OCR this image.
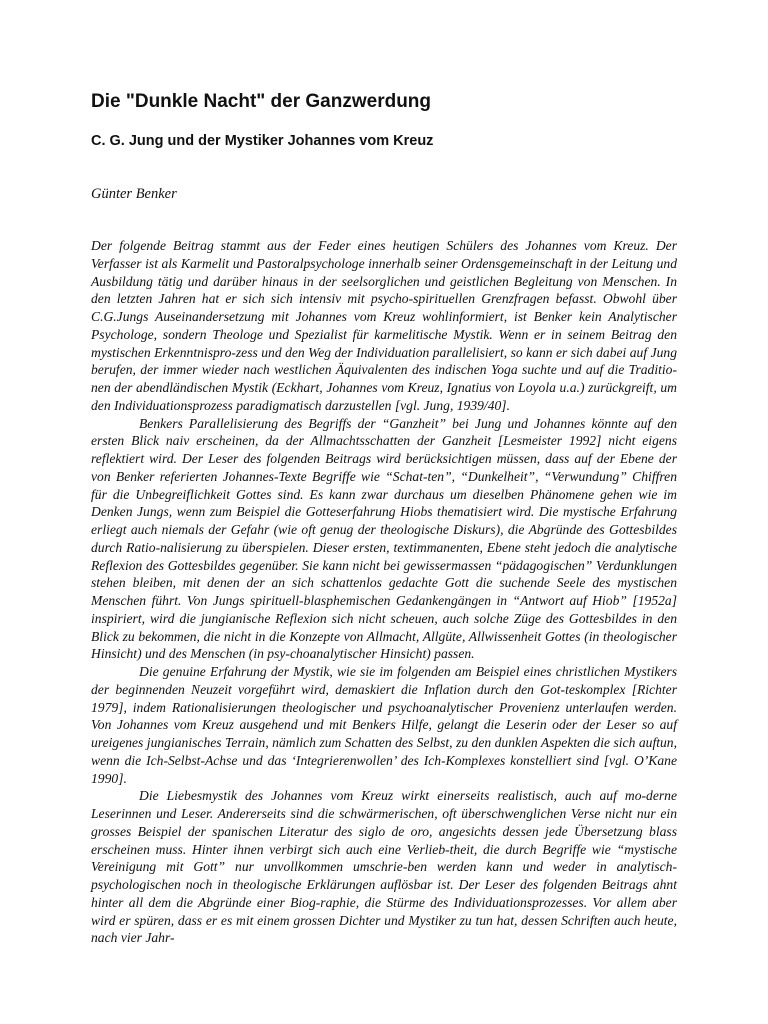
Die "Dunkle Nacht" der Ganzwerdung
C. G. Jung und der Mystiker Johannes vom Kreuz
Günter Benker

Der folgende Beitrag stammt aus der Feder eines heutigen Schülers des Johannes vom Kreuz. Der Verfasser ist als Karmelit und Pastoralpsychologe innerhalb seiner Ordensgemeinschaft in der Leitung und Ausbildung tätig und darüber hinaus in der seelsorglichen und geistlichen Begleitung von Menschen. In den letzten Jahren hat er sich sich intensiv mit psycho-spirituellen Grenzfragen befasst. Obwohl über C.G.Jungs Auseinandersetzung mit Johannes vom Kreuz wohlinformiert, ist Benker kein Analytischer Psychologe, sondern Theologe und Spezialist für karmelitische Mystik. Wenn er in seinem Beitrag den mystischen Erkenntnispro-zess und den Weg der Individuation parallelisiert, so kann er sich dabei auf Jung berufen, der immer wieder nach westlichen Äquivalenten des indischen Yoga suchte und auf die Traditio-nen der abendländischen Mystik (Eckhart, Johannes vom Kreuz, Ignatius von Loyola u.a.) zurückgreift, um den Individuationsprozess paradigmatisch darzustellen [vgl. Jung, 1939/40].

Benkers Parallelisierung des Begriffs der “Ganzheit” bei Jung und Johannes könnte auf den ersten Blick naiv erscheinen, da der Allmachtsschatten der Ganzheit [Lesmeister 1992] nicht eigens reflektiert wird. Der Leser des folgenden Beitrags wird berücksichtigen müssen, dass auf der Ebene der von Benker referierten Johannes-Texte Begriffe wie “Schat-ten”, “Dunkelheit”, “Verwundung” Chiffren für die Unbegreiflichkeit Gottes sind. Es kann zwar durchaus um dieselben Phänomene gehen wie im Denken Jungs, wenn zum Beispiel die Gotteserfahrung Hiobs thematisiert wird. Die mystische Erfahrung erliegt auch niemals der Gefahr (wie oft genug der theologische Diskurs), die Abgründe des Gottesbildes durch Ratio-nalisierung zu überspielen. Dieser ersten, textimmanenten, Ebene steht jedoch die analytische Reflexion des Gottesbildes gegenüber. Sie kann nicht bei gewissermassen “pädagogischen” Verdunklungen stehen bleiben, mit denen der an sich schattenlos gedachte Gott die suchende Seele des mystischen Menschen führt. Von Jungs spirituell-blasphemischen Gedankengängen in “Antwort auf Hiob” [1952a] inspiriert, wird die jungianische Reflexion sich nicht scheuen, auch solche Züge des Gottesbildes in den Blick zu bekommen, die nicht in die Konzepte von Allmacht, Allgüte, Allwissenheit Gottes (in theologischer Hinsicht) und des Menschen (in psy-choanalytischer Hinsicht) passen.

Die genuine Erfahrung der Mystik, wie sie im folgenden am Beispiel eines christlichen Mystikers der beginnenden Neuzeit vorgeführt wird, demaskiert die Inflation durch den Got-teskomplex [Richter 1979], indem Rationalisierungen theologischer und psychoanalytischer Provenienz unterlaufen werden. Von Johannes vom Kreuz ausgehend und mit Benkers Hilfe, gelangt die Leserin oder der Leser so auf ureigenes jungianisches Terrain, nämlich zum Schatten des Selbst, zu den dunklen Aspekten die sich auftun, wenn die Ich-Selbst-Achse und das ‘Integrierenwollen’ des Ich-Komplexes konstelliert sind [vgl. O’Kane 1990].

Die Liebesmystik des Johannes vom Kreuz wirkt einerseits realistisch, auch auf mo-derne Leserinnen und Leser. Andererseits sind die schwärmerischen, oft überschwenglichen Verse nicht nur ein grosses Beispiel der spanischen Literatur des siglo de oro, angesichts dessen jede Übersetzung blass erscheinen muss. Hinter ihnen verbirgt sich auch eine Verlieb-theit, die durch Begriffe wie “mystische Vereinigung mit Gott” nur unvollkommen umschrie-ben werden kann und weder in analytisch-psychologischen noch in theologische Erklärungen auflösbar ist. Der Leser des folgenden Beitrags ahnt hinter all dem die Abgründe einer Biog-raphie, die Stürme des Individuationsprozesses. Vor allem aber wird er spüren, dass er es mit einem grossen Dichter und Mystiker zu tun hat, dessen Schriften auch heute, nach vier Jahr-
